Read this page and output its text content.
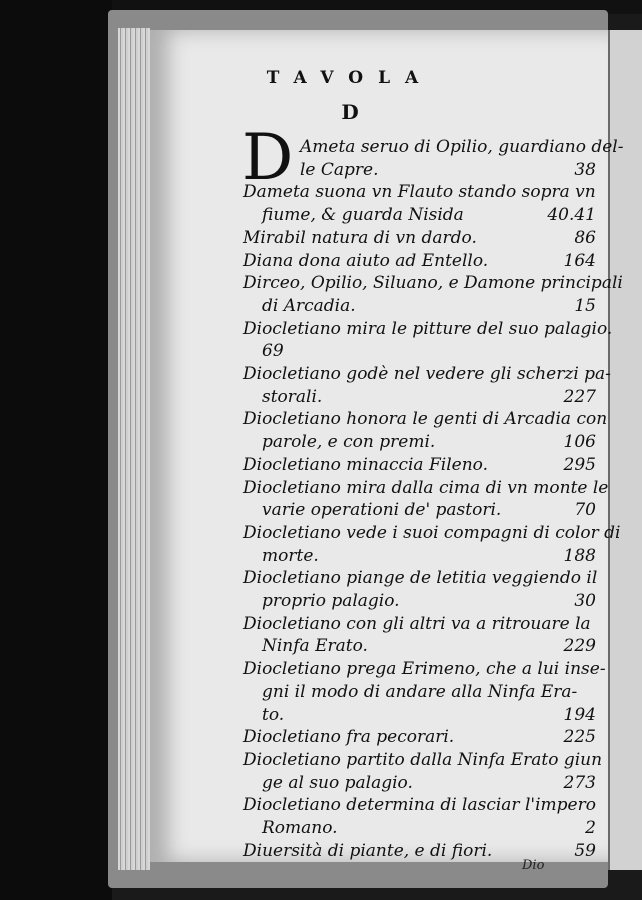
TAVOLA
D
D Ameta seruo di Opilio, guardiano del-
le Capre.	38
Dameta suona vn Flauto stando sopra vn
fiume, & guarda Nisida	40.41
Mirabil natura di vn dardo.	86
Diana dona aiuto ad Entello.	164
Dirceo, Opilio, Siluano, e Damone principali
di Arcadia.	15
Diocletiano mira le pitture del suo palagio.
69
Diocletiano godè nel vedere gli scherzi pa-
storali.	227
Diocletiano honora le genti di Arcadia con
parole, e con premi.	106
Diocletiano minaccia Fileno.	295
Diocletiano mira dalla cima di vn monte le
varie operationi de' pastori.	70
Diocletiano vede i suoi compagni di color di
morte.	188
Diocletiano piange de letitia veggiendo il
proprio palagio.	30
Diocletiano con gli altri va a ritrouare la
Ninfa Erato.	229
Diocletiano prega Erimeno, che a lui inse-
gni il modo di andare alla Ninfa Era-
to.	194
Diocletiano fra pecorari.	225
Diocletiano partito dalla Ninfa Erato giun
ge al suo palagio.	273
Diocletiano determina di lasciar l'impero
Romano.	2
Diuersità di piante, e di fiori.	59
Dio
